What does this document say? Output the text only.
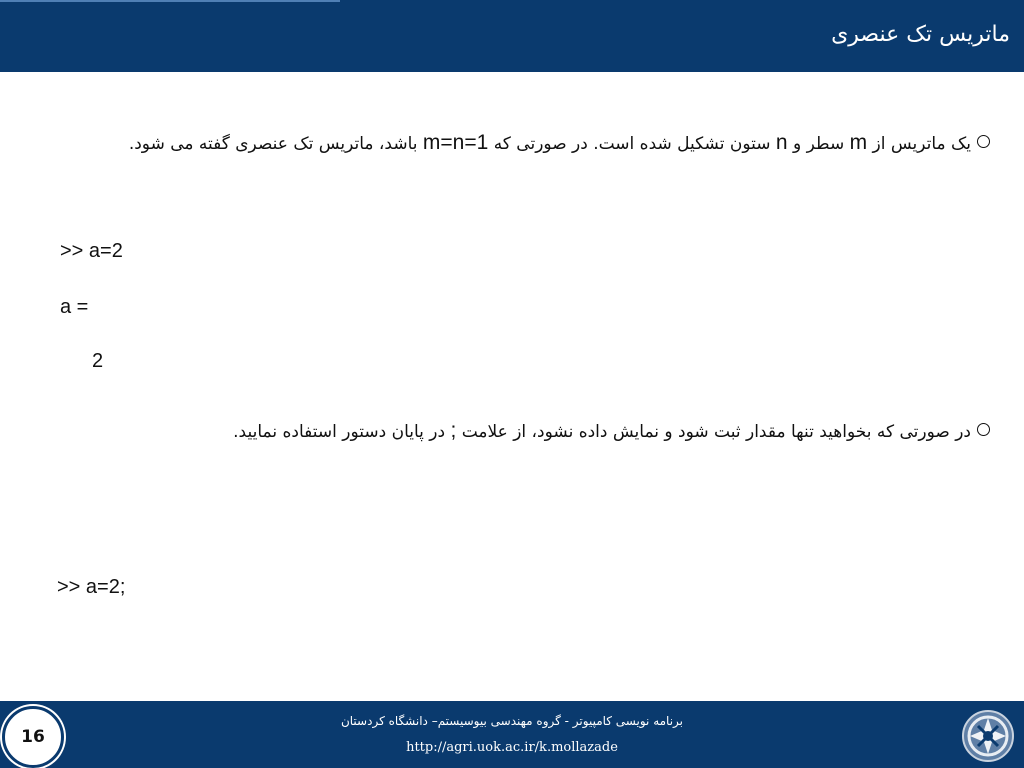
ماتریس تک عنصری
یک ماتریس از m سطر و n ستون تشکیل شده است. در صورتی که m=n=1 باشد، ماتریس تک عنصری گفته می شود.
>> a=2
a =
2
در صورتی که بخواهید تنها مقدار ثبت شود و نمایش داده نشود، از علامت ; در پایان دستور استفاده نمایید.
>> a=2;
برنامه نویسی کامپیوتر - گروه مهندسی بیوسیستم– دانشگاه کردستان
http://agri.uok.ac.ir/k.mollazade
16
